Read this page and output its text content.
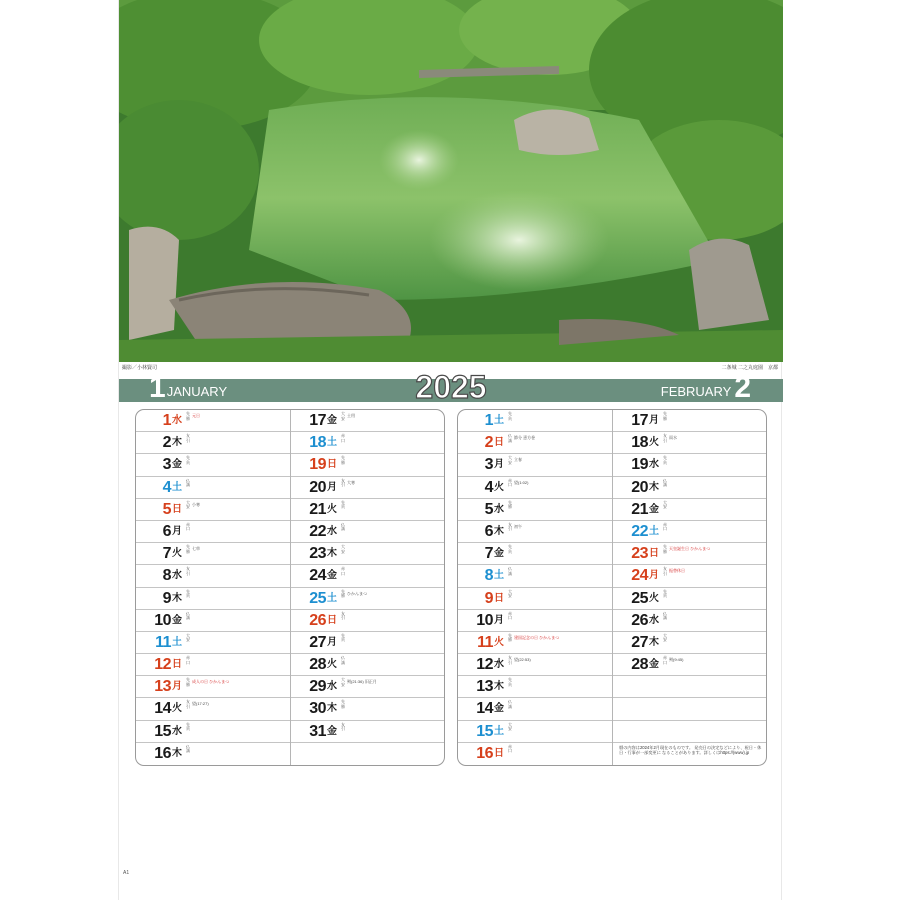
撮影／小林賢司	二条城 二之丸庭園　京都
1 JANUARY	2025	FEBRUARY 2
1 水
先勝 元日
2 木
友引
3 金
先負
4 土
仏滅
5 日
大安 小寒
6 月
赤口
7 火
先勝 七草
8 水
友引
9 木
先負
10 金
仏滅
11 土
大安
12 日
赤口
13 月
先勝 成人の日 ひかんまつ
14 火
友引 望(17:27)
15 水
先負
16 木
仏滅
17 金
大安 土用
18 土
赤口
19 日
先勝
20 月
友引 大寒
21 火
先負
22 水
仏滅
23 木
大安
24 金
赤口
25 土
先勝 ひかんまつ
26 日
友引
27 月
先負
28 火
仏滅
29 水
大安 朔(21:36) 旧正月
30 木
先勝
31 金
友引
1 土
先負
2 日
仏滅 節分 恵方巻
3 月
大安 立春
4 火
赤口 望(1:02)
5 水
先勝
6 木
友引 初午
7 金
先負
8 土
仏滅
9 日
大安
10 月
赤口
11 火
先勝 建国記念の日 ひかんまつ
12 水
友引 望(22:53)
13 木
先負
14 金
仏滅
15 土
大安
16 日
赤口
17 月
先勝
18 火
友引 雨水
19 水
先負
20 木
仏滅
21 金
大安
22 土
赤口
23 日
先勝 天皇誕生日 ひかんまつ
24 月
友引 振替休日
25 火
先負
26 水
仏滅
27 木
大安
28 金
赤口 朔(9:45)
暦の内容は2024年2月現在のものです。 発売日の決定などにより、祝日・休日・行事が一部変更に なることがあります。詳しくはhttps://(www).jp
A1
